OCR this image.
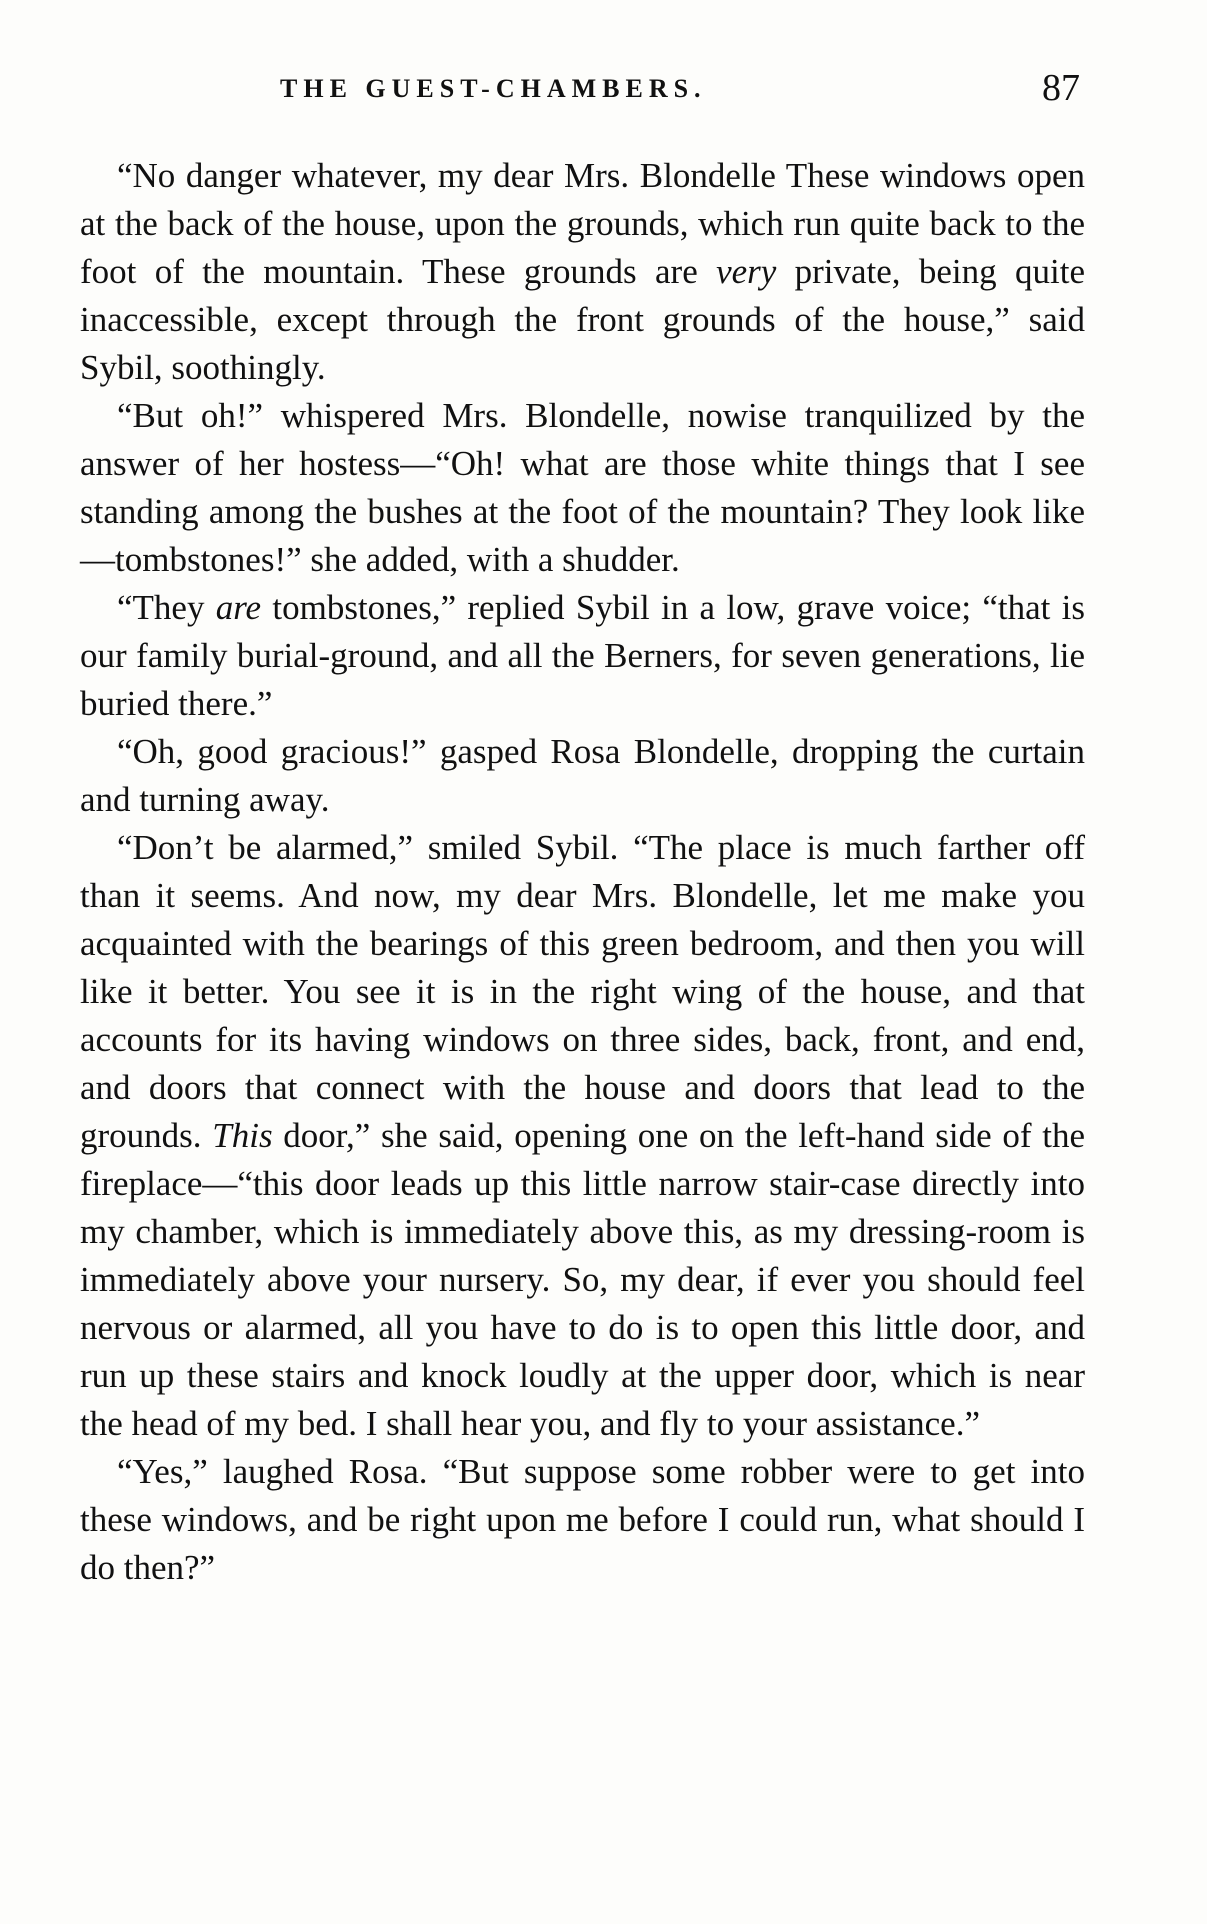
THE GUEST-CHAMBERS.	87

“No danger whatever, my dear Mrs. Blondelle These windows open at the back of the house, upon the grounds, which run quite back to the foot of the mountain. These grounds are very private, being quite inaccessible, except through the front grounds of the house,” said Sybil, soothingly.

“But oh!” whispered Mrs. Blondelle, nowise tranquilized by the answer of her hostess—“Oh! what are those white things that I see standing among the bushes at the foot of the mountain? They look like—tombstones!” she added, with a shudder.

“They are tombstones,” replied Sybil in a low, grave voice; “that is our family burial-ground, and all the Berners, for seven generations, lie buried there.”

“Oh, good gracious!” gasped Rosa Blondelle, dropping the curtain and turning away.

“Don’t be alarmed,” smiled Sybil. “The place is much farther off than it seems. And now, my dear Mrs. Blondelle, let me make you acquainted with the bearings of this green bedroom, and then you will like it better. You see it is in the right wing of the house, and that accounts for its having windows on three sides, back, front, and end, and doors that connect with the house and doors that lead to the grounds. This door,” she said, opening one on the left-hand side of the fireplace—“this door leads up this little narrow stair-case directly into my chamber, which is immediately above this, as my dressing-room is immediately above your nursery. So, my dear, if ever you should feel nervous or alarmed, all you have to do is to open this little door, and run up these stairs and knock loudly at the upper door, which is near the head of my bed. I shall hear you, and fly to your assistance.”

“Yes,” laughed Rosa. “But suppose some robber were to get into these windows, and be right upon me before I could run, what should I do then?”
